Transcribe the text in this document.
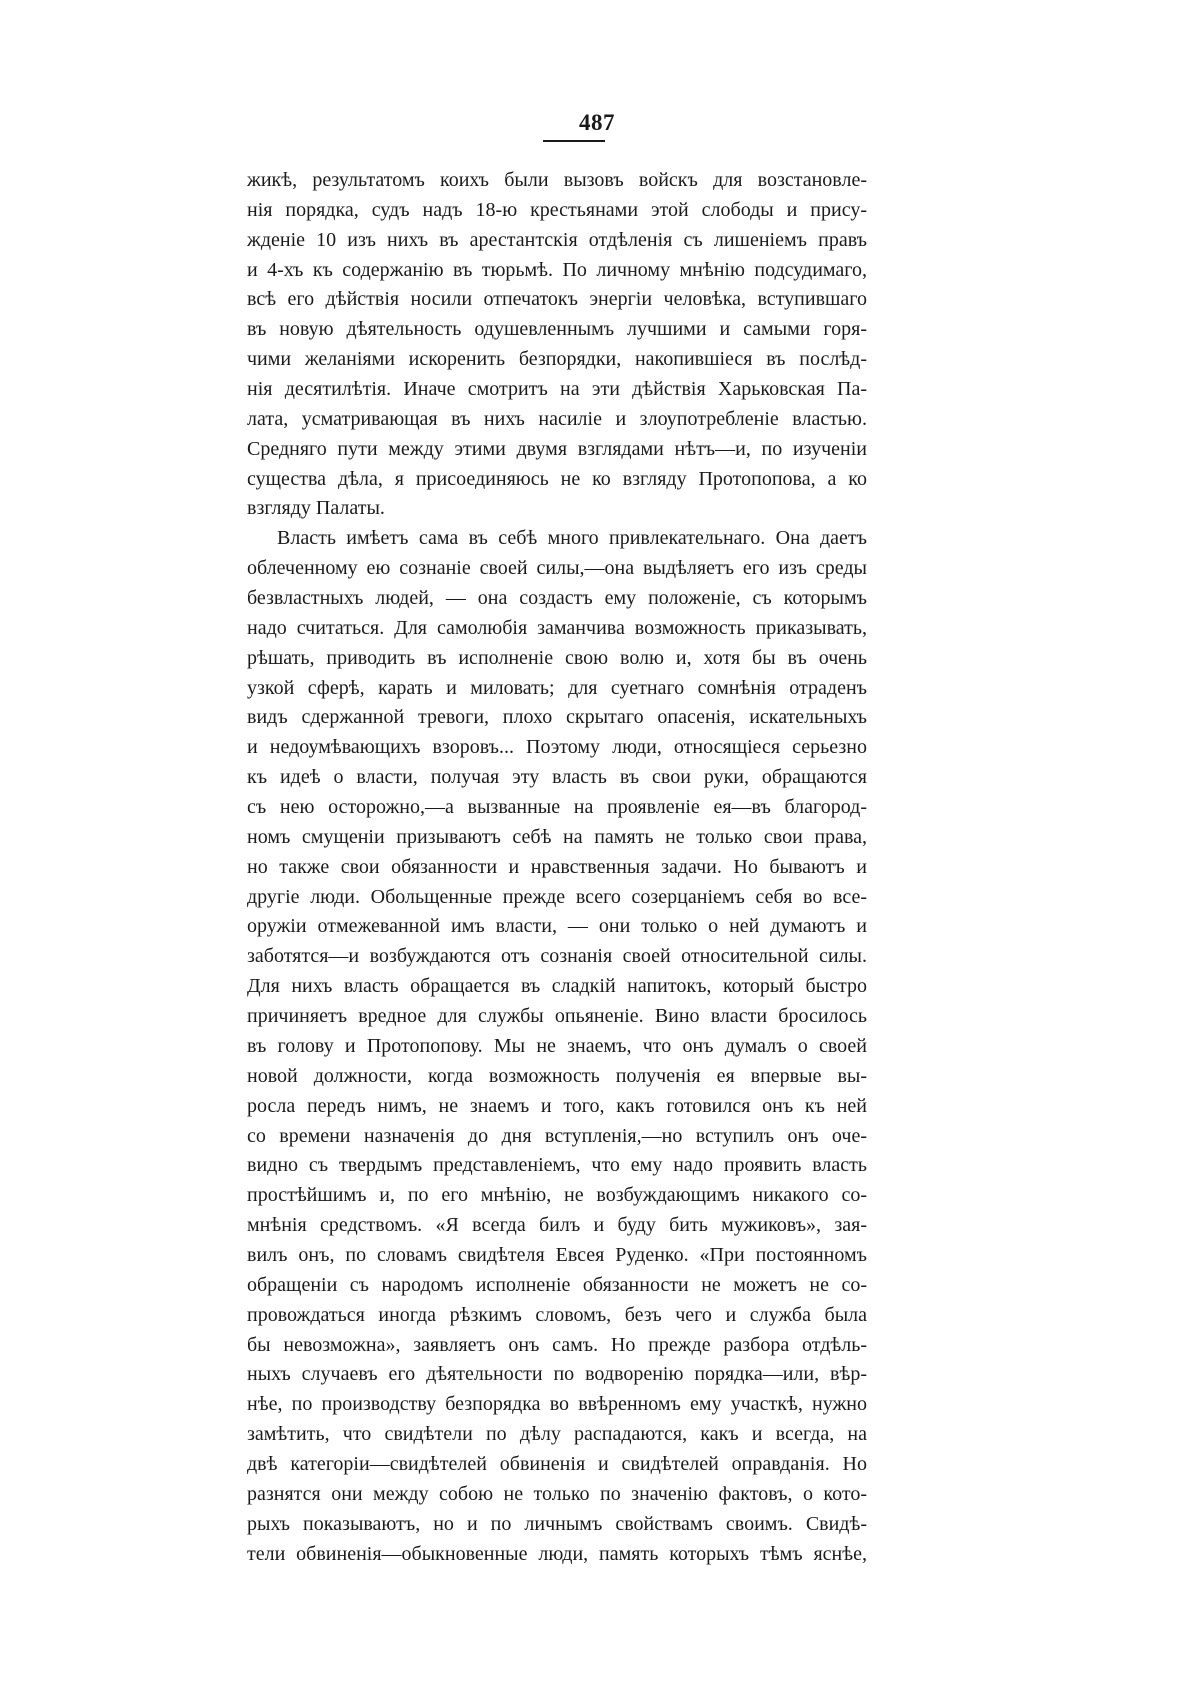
487
жикѣ, результатомъ коихъ были вызовъ войскъ для возстановле-
нія порядка, судъ надъ 18-ю крестьянами этой слободы и прису-
жденіе 10 изъ нихъ въ арестантскія отдѣленія съ лишеніемъ правъ
и 4-хъ къ содержанію въ тюрьмѣ. По личному мнѣнію подсудимаго,
всѣ его дѣйствія носили отпечатокъ энергіи человѣка, вступившаго
въ новую дѣятельность одушевленнымъ лучшими и самыми горя-
чими желаніями искоренить безпорядки, накопившіеся въ послѣд-
нія десятилѣтія. Иначе смотритъ на эти дѣйствія Харьковская Па-
лата, усматривающая въ нихъ насиліе и злоупотребленіе властью.
Средняго пути между этими двумя взглядами нѣтъ—и, по изученіи
существа дѣла, я присоединяюсь не ко взгляду Протопопова, а ко
взгляду Палаты.
Власть имѣетъ сама въ себѣ много привлекательнаго. Она даетъ
облеченному ею сознаніе своей силы,—она выдѣляетъ его изъ среды
безвластныхъ людей, — она создастъ ему положеніе, съ которымъ
надо считаться. Для самолюбія заманчива возможность приказывать,
рѣшать, приводить въ исполненіе свою волю и, хотя бы въ очень
узкой сферѣ, карать и миловать; для суетнаго сомнѣнія отраденъ
видъ сдержанной тревоги, плохо скрытаго опасенія, искательныхъ
и недоумѣвающихъ взоровъ... Поэтому люди, относящіеся серьезно
къ идеѣ о власти, получая эту власть въ свои руки, обращаются
съ нею осторожно,—а вызванные на проявленіе ея—въ благород-
номъ смущеніи призываютъ себѣ на память не только свои права,
но также свои обязанности и нравственныя задачи. Но бываютъ и
другіе люди. Обольщенные прежде всего созерцаніемъ себя во все-
оружіи отмежеванной имъ власти, — они только о ней думаютъ и
заботятся—и возбуждаются отъ сознанія своей относительной силы.
Для нихъ власть обращается въ сладкій напитокъ, который быстро
причиняетъ вредное для службы опьяненіе. Вино власти бросилось
въ голову и Протопопову. Мы не знаемъ, что онъ думалъ о своей
новой должности, когда возможность полученія ея впервые вы-
росла передъ нимъ, не знаемъ и того, какъ готовился онъ къ ней
со времени назначенія до дня вступленія,—но вступилъ онъ оче-
видно съ твердымъ представленіемъ, что ему надо проявить власть
простѣйшимъ и, по его мнѣнію, не возбуждающимъ никакого со-
мнѣнія средствомъ. «Я всегда билъ и буду бить мужиковъ», зая-
вилъ онъ, по словамъ свидѣтеля Евсея Руденко. «При постоянномъ
обращеніи съ народомъ исполненіе обязанности не можетъ не со-
провождаться иногда рѣзкимъ словомъ, безъ чего и служба была
бы невозможна», заявляетъ онъ самъ. Но прежде разбора отдѣль-
ныхъ случаевъ его дѣятельности по водворенію порядка—или, вѣр-
нѣе, по производству безпорядка во ввѣренномъ ему участкѣ, нужно
замѣтить, что свидѣтели по дѣлу распадаются, какъ и всегда, на
двѣ категоріи—свидѣтелей обвиненія и свидѣтелей оправданія. Но
разнятся они между собою не только по значенію фактовъ, о кото-
рыхъ показываютъ, но и по личнымъ свойствамъ своимъ. Свидѣ-
тели обвиненія—обыкновенные люди, память которыхъ тѣмъ яснѣе,
